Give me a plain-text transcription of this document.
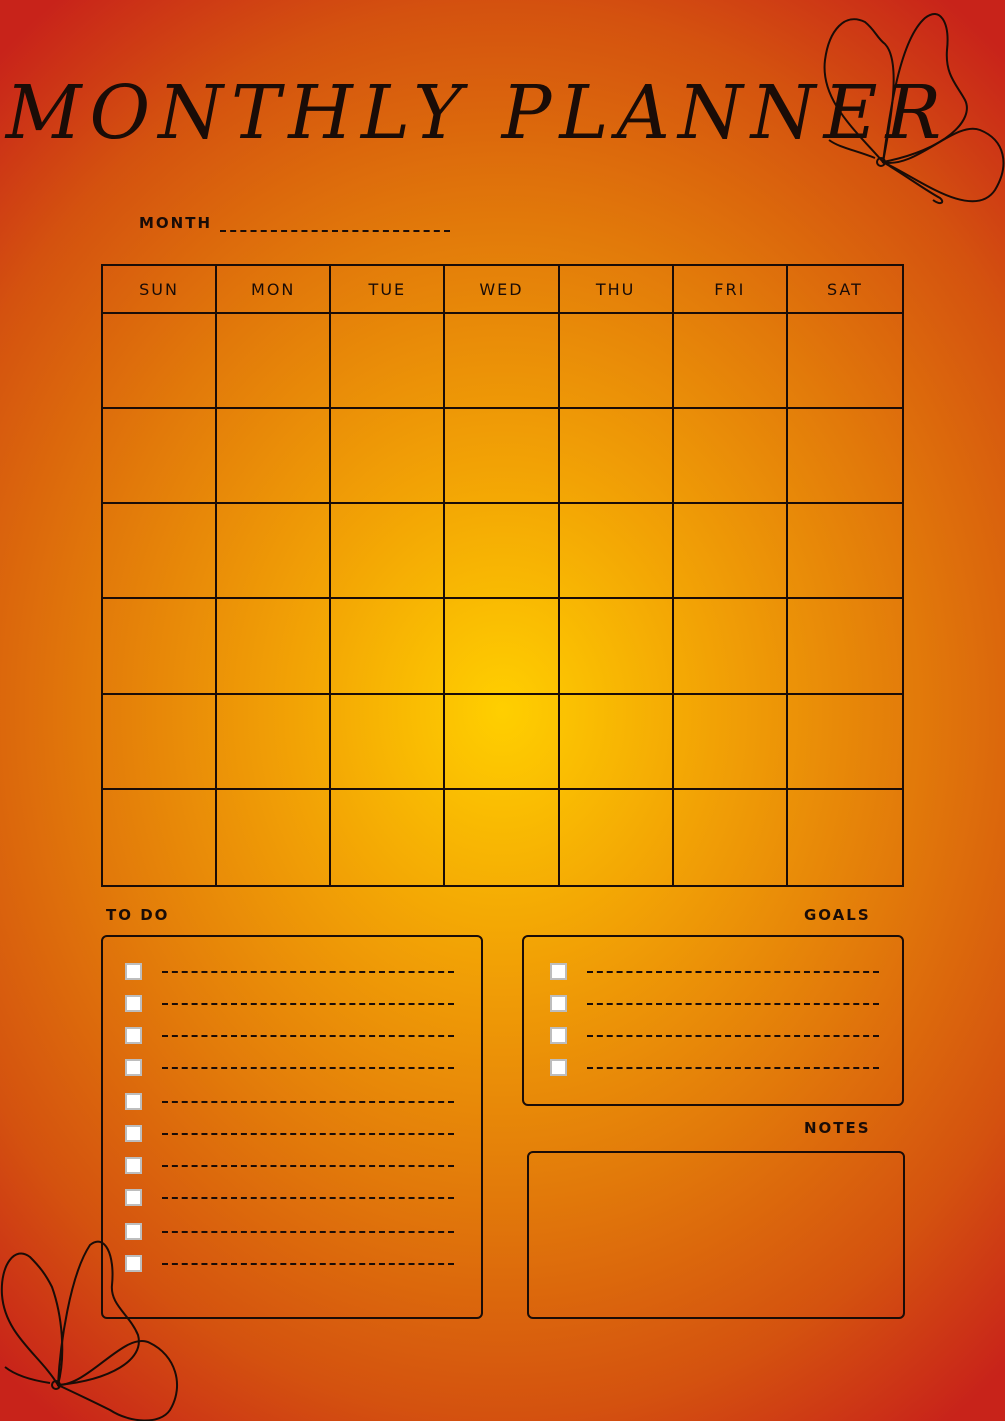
MONTHLY PLANNER
MONTH
SUN	MON	TUE	WED	THU	FRI	SAT
TO DO	GOALS
NOTES
